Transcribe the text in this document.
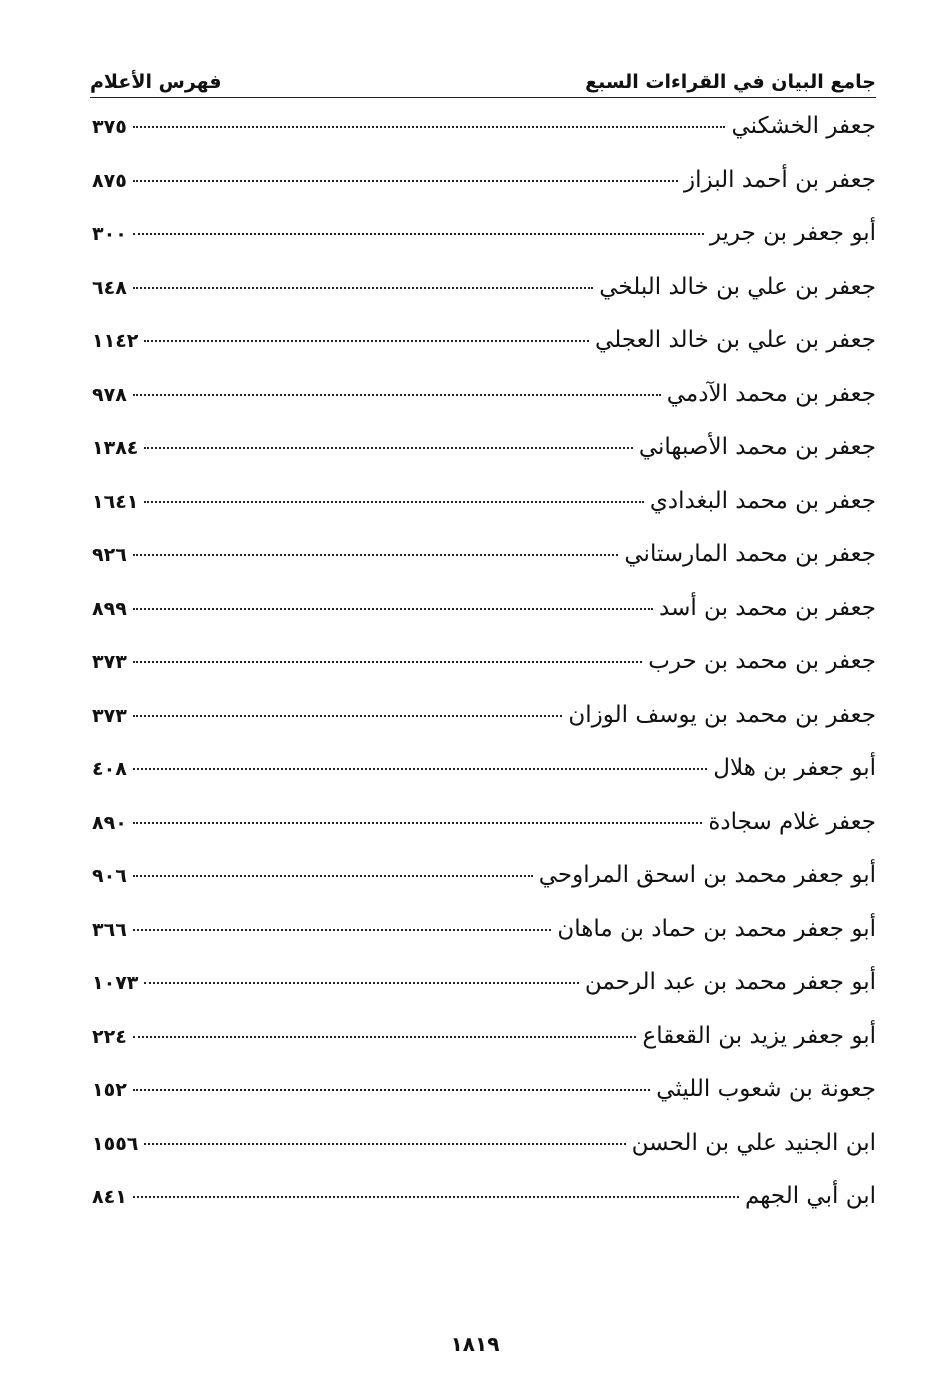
جامع البيان في القراءات السبع
فهرس الأعلام
جعفر الخشكني
٣٧٥
جعفر بن أحمد البزاز
٨٧٥
أبو جعفر بن جرير
٣٠٠
جعفر بن علي بن خالد البلخي
٦٤٨
جعفر بن علي بن خالد العجلي
١١٤٢
جعفر بن محمد الآدمي
٩٧٨
جعفر بن محمد الأصبهاني
١٣٨٤
جعفر بن محمد البغدادي
١٦٤١
جعفر بن محمد المارستاني
٩٢٦
جعفر بن محمد بن أسد
٨٩٩
جعفر بن محمد بن حرب
٣٧٣
جعفر بن محمد بن يوسف الوزان
٣٧٣
أبو جعفر بن هلال
٤٠٨
جعفر غلام سجادة
٨٩٠
أبو جعفر محمد بن اسحق المراوحي
٩٠٦
أبو جعفر محمد بن حماد بن ماهان
٣٦٦
أبو جعفر محمد بن عبد الرحمن
١٠٧٣
أبو جعفر يزيد بن القعقاع
٢٢٤
جعونة بن شعوب الليثي
١٥٢
ابن الجنيد علي بن الحسن
١٥٥٦
ابن أبي الجهم
٨٤١
١٨١٩
